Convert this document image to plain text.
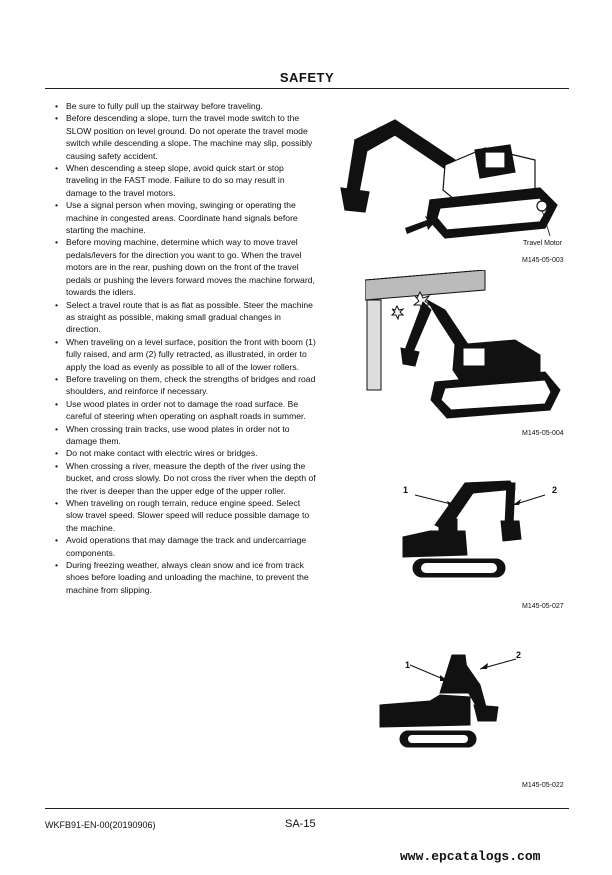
SAFETY
• Be sure to fully pull up the stairway before traveling.
• Before descending a slope, turn the travel mode switch to the SLOW position on level ground. Do not operate the travel mode switch while descending a slope. The machine may slip, possibly causing safety accident.
• When descending a steep slope, avoid quick start or stop traveling in the FAST mode. Failure to do so may result in damage to the travel motors.
• Use a signal person when moving, swinging or operating the machine in congested areas. Coordinate hand signals before starting the machine.
• Before moving machine, determine which way to move travel pedals/levers for the direction you want to go. When the travel motors are in the rear, pushing down on the front of the travel pedals or pushing the levers forward moves the machine forward, towards the idlers.
• Select a travel route that is as flat as possible. Steer the machine as straight as possible, making small gradual changes in direction.
• When traveling on a level surface, position the front with boom (1) fully raised, and arm (2) fully retracted, as illustrated, in order to apply the load as evenly as possible to all of the lower rollers.
• Before traveling on them, check the strengths of bridges and road shoulders, and reinforce if necessary.
• Use wood plates in order not to damage the road surface. Be careful of steering when operating on asphalt roads in summer.
• When crossing train tracks, use wood plates in order not to damage them.
• Do not make contact with electric wires or bridges.
• When crossing a river, measure the depth of the river using the bucket, and cross slowly. Do not cross the river when the depth of the river is deeper than the upper edge of the upper roller.
• When traveling on rough terrain, reduce engine speed. Select slow travel speed. Slower speed will reduce possible damage to the machine.
• Avoid operations that may damage the track and undercarriage components.
• During freezing weather, always clean snow and ice from track shoes before loading and unloading the machine, to prevent the machine from slipping.
Travel Motor
M145-05-003
M145-05-004
1	2
M145-05-027
1
2
M145-05-022
WKFB91-EN-00(20190906)	SA-15
www.epcatalogs.com
